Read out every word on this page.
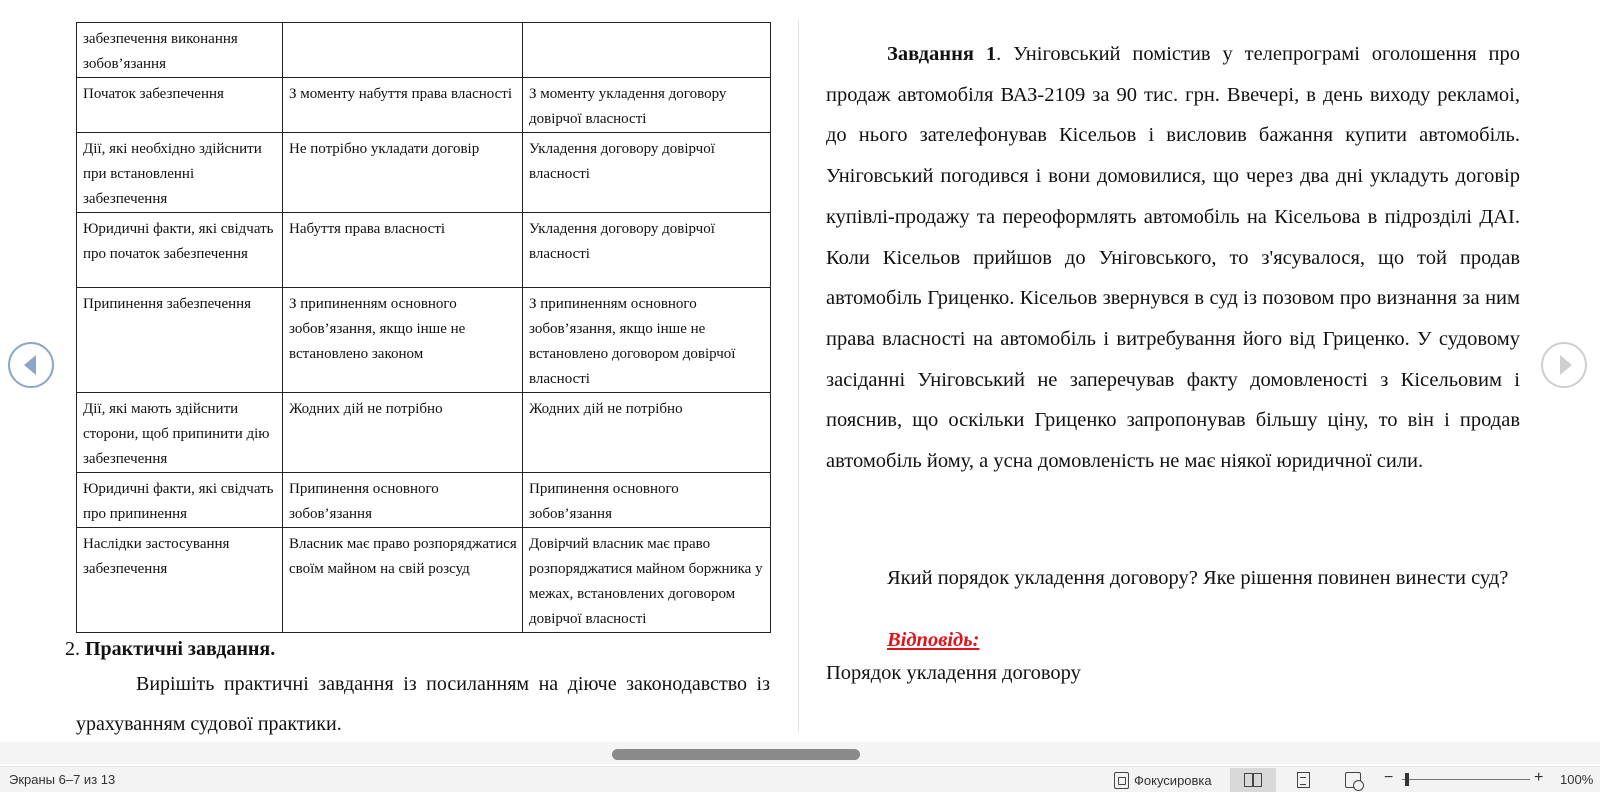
забезпечення виконання зобов’язання		
Початок забезпечення	З моменту набуття права власності	З моменту укладення договору довірчої власності
Дії, які необхідно здійснити при встановленні забезпечення	Не потрібно укладати договір	Укладення договору довірчої власності
Юридичні факти, які свідчать про початок забезпечення	Набуття права власності	Укладення договору довірчої власності
Припинення забезпечення	З припиненням основного зобов’язання, якщо інше не встановлено законом	З припиненням основного зобов’язання, якщо інше не встановлено договором довірчої власності
Дії, які мають здійснити сторони, щоб припинити дію забезпечення	Жодних дій не потрібно	Жодних дій не потрібно
Юридичні факти, які свідчать про припинення	Припинення основного зобов’язання	Припинення основного зобов’язання
Наслідки застосування забезпечення	Власник має право розпоряджатися своїм майном на свій розсуд	Довірчий власник має право розпоряджатися майном боржника у межах, встановлених договором довірчої власності
2. Практичні завдання.

Вирішіть практичні завдання із посиланням на діюче законодавство із урахуванням судової практики.

Завдання 1. Уніговський помістив у телепрограмі оголошення про продаж автомобіля ВАЗ-2109 за 90 тис. грн. Ввечері, в день виходу рекламоі, до нього зателефонував Кісельов і висловив бажання купити автомобіль. Уніговський погодився і вони домовилися, що через два дні укладуть договір купівлі-продажу та переоформлять автомобіль на Кісельова в підрозділі ДАІ. Коли Кісельов прийшов до Уніговського, то з'ясувалося, що той продав автомобіль Гриценко. Кісельов звернувся в суд із позовом про визнання за ним права власності на автомобіль і витребування його від Гриценко. У судовому засіданні Уніговський не заперечував факту домовленості з Кісельовим і пояснив, що оскільки Гриценко запропонував більшу ціну, то він і продав автомобіль йому, а усна домовленість не має ніякої юридичної сили.

Який порядок укладення договору? Яке рішення повинен винести суд?

Відповідь:
Порядок укладення договору
Экраны 6–7 из 13	Фокусировка	−	+ 100%
